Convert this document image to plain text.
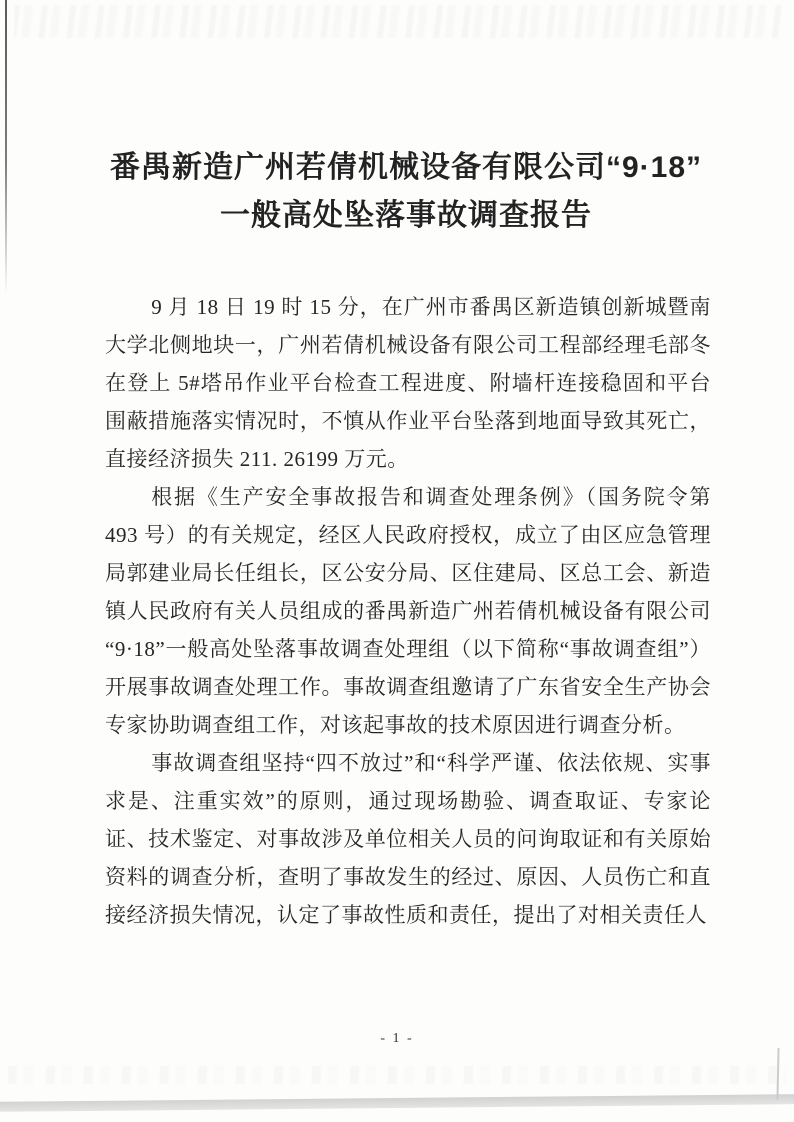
番禺新造广州若倩机械设备有限公司“9·18”
一般高处坠落事故调查报告

9 月 18 日 19 时 15 分，在广州市番禺区新造镇创新城暨南大学北侧地块一，广州若倩机械设备有限公司工程部经理毛部冬在登上 5#塔吊作业平台检查工程进度、附墙杆连接稳固和平台围蔽措施落实情况时，不慎从作业平台坠落到地面导致其死亡，直接经济损失 211. 26199 万元。

根据《生产安全事故报告和调查处理条例》（国务院令第 493 号）的有关规定，经区人民政府授权，成立了由区应急管理局郭建业局长任组长，区公安分局、区住建局、区总工会、新造镇人民政府有关人员组成的番禺新造广州若倩机械设备有限公司“9·18”一般高处坠落事故调查处理组（以下简称“事故调查组”）开展事故调查处理工作。事故调查组邀请了广东省安全生产协会专家协助调查组工作，对该起事故的技术原因进行调查分析。

事故调查组坚持“四不放过”和“科学严谨、依法依规、实事求是、注重实效”的原则，通过现场勘验、调查取证、专家论证、技术鉴定、对事故涉及单位相关人员的问询取证和有关原始资料的调查分析，查明了事故发生的经过、原因、人员伤亡和直接经济损失情况，认定了事故性质和责任，提出了对相关责任人

- 1 -
